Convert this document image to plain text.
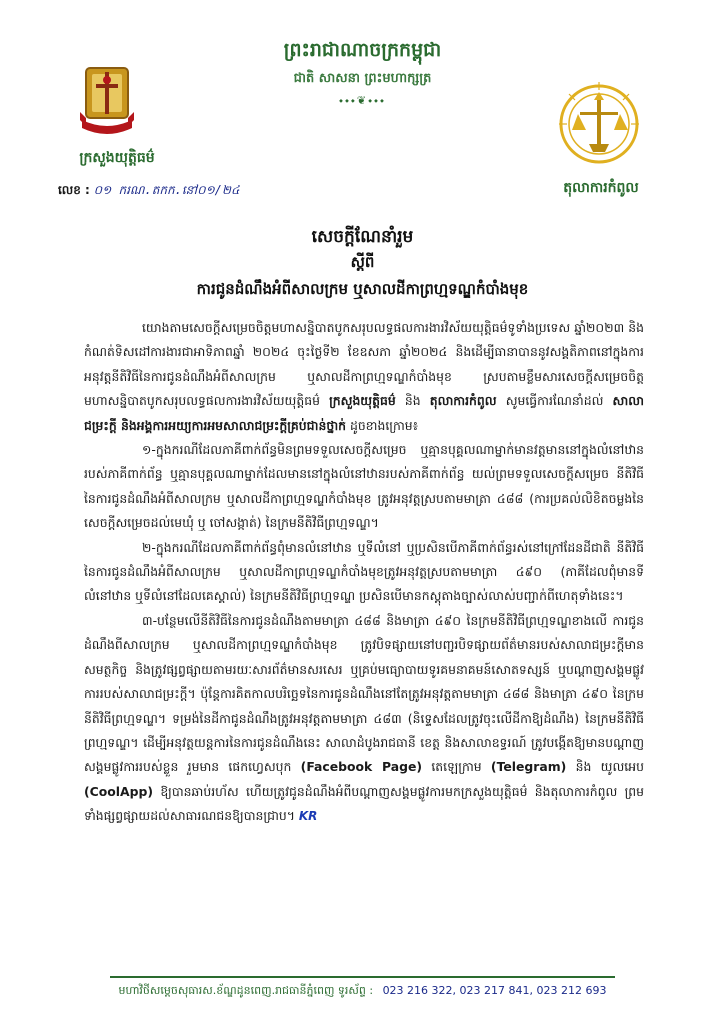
ព្រះរាជាណាចក្រកម្ពុជា
ជាតិ សាសនា ព្រះមហាក្សត្រ
⬩⬩⬩❦⬩⬩⬩
ក្រសួងយុត្តិធម៌
តុលាការកំពូល
លេខ : ០១ ករណ.តកក.នៅ០១/២៤
សេចក្តីណែនាំរួម
ស្តីពី
ការជូនដំណឹងអំពីសាលក្រម ឬសាលដីកាព្រហ្មទណ្ឌកំបាំងមុខ

យោងតាមសេចក្តីសម្រេចចិត្តមហាសន្និបាតបូកសរុបលទ្ធផលការងារវិស័យយុត្តិធម៌ទូទាំងប្រទេស ឆ្នាំ២០២៣ និងកំណត់ទិសដៅការងារជាអាទិភាពឆ្នាំ ២០២៤ ចុះថ្ងៃទី២ ខែឧសភា ឆ្នាំ២០២៤ និងដើម្បីធានាបាននូវសង្គតិភាពនៅក្នុងការអនុវត្តនីតិវិធីនៃការជូនដំណឹងអំពីសាលក្រម ឬសាលដីកាព្រហ្មទណ្ឌកំបាំងមុខ ស្របតាមខ្លឹមសារសេចក្តីសម្រេចចិត្តមហាសន្និបាតបូកសរុបលទ្ធផលការងារវិស័យយុត្តិធម៌ ក្រសួងយុត្តិធម៌ និង តុលាការកំពូល សូមធ្វើការណែនាំដល់ សាលាជម្រះក្តី និងអង្គការអយ្យការអមសាលាជម្រះក្តីគ្រប់ជាន់ថ្នាក់ ដូចខាងក្រោម៖

១-ក្នុងករណីដែលភាគីពាក់ព័ន្ធមិនព្រមទទួលសេចក្តីសម្រេច ឬគ្មានបុគ្គលណាម្នាក់មានវត្តមាននៅក្នុងលំនៅឋានរបស់ភាគីពាក់ព័ន្ធ ឬគ្មានបុគ្គលណាម្នាក់ដែលមាននៅក្នុងលំនៅឋានរបស់ភាគីពាក់ព័ន្ធ យល់ព្រមទទួលសេចក្តីសម្រេច នីតិវិធីនៃការជូនដំណឹងអំពីសាលក្រម ឬសាលដីកាព្រហ្មទណ្ឌកំបាំងមុខ ត្រូវអនុវត្តស្របតាមមាត្រា ៤៨៨ (ការប្រគល់លិខិតចម្លងនៃសេចក្តីសម្រេចដល់មេឃុំ ឬ ចៅសង្កាត់) នៃក្រមនីតិវិធីព្រហ្មទណ្ឌ។

២-ក្នុងករណីដែលភាគីពាក់ព័ន្ធពុំមានលំនៅឋាន ឬទីលំនៅ ឬប្រសិនបើភាគីពាក់ព័ន្ធរស់នៅក្រៅដែនដីជាតិ នីតិវិធីនៃការជូនដំណឹងអំពីសាលក្រម ឬសាលដីកាព្រហ្មទណ្ឌកំបាំងមុខត្រូវអនុវត្តស្របតាមមាត្រា ៤៩០ (ភាគីដែលពុំមានទីលំនៅឋាន ឬទីលំនៅដែលគេស្គាល់) នៃក្រមនីតិវិធីព្រហ្មទណ្ឌ ប្រសិនបើមានកស្តុតាងច្បាស់លាស់បញ្ជាក់ពីហេតុទាំងនេះ។

៣-បន្ថែមលើនីតិវិធីនៃការជូនដំណឹងតាមមាត្រា ៤៨៨ និងមាត្រា ៤៩០ នៃក្រមនីតិវិធីព្រហ្មទណ្ឌខាងលើ ការជូនដំណឹងពីសាលក្រម ឬសាលដីកាព្រហ្មទណ្ឌកំបាំងមុខ ត្រូវបិទផ្សាយនៅបញ្ជរបិទផ្សាយព័ត៌មានរបស់សាលាជម្រះក្តីមានសមត្ថកិច្ច និងត្រូវផ្សព្វផ្សាយតាមរយៈសារព័ត៌មានសរសេរ ឬគ្រប់មធ្យោបាយទូរគមនាគមន៍សោតទស្សន៍ ឬបណ្តាញសង្គមផ្លូវការរបស់សាលាជម្រះក្តី។ ប៉ុន្តែការគិតកាលបរិច្ឆេទនៃការជូនដំណឹងនៅតែត្រូវអនុវត្តតាមមាត្រា ៤៨៨ និងមាត្រា ៤៩០ នៃក្រមនីតិវិធីព្រហ្មទណ្ឌ។ ទម្រង់នៃដីកាជូនដំណឹងត្រូវអនុវត្តតាមមាត្រា ៤៨៣ (និទ្ទេសដែលត្រូវចុះលើដីកាឱ្យដំណឹង) នៃក្រមនីតិវិធីព្រហ្មទណ្ឌ។ ដើម្បីអនុវត្តយន្តការនៃការជូនដំណឹងនេះ សាលាដំបូងរាជធានី ខេត្ត និងសាលាឧទ្ធរណ៍ ត្រូវបង្កើតឱ្យមានបណ្តាញសង្គមផ្លូវការរបស់ខ្លួន រួមមាន ផេកហ្វេសបុក (Facebook Page) តេឡេក្រាម (Telegram) និង យូលអេប (CoolApp) ឱ្យបានឆាប់រហ័ស ហើយត្រូវជូនដំណឹងអំពីបណ្តាញសង្គមផ្លូវការមកក្រសួងយុត្តិធម៌ និងតុលាការកំពូល ព្រមទាំងផ្សព្វផ្សាយដល់សាធារណជនឱ្យបានជ្រាប។ KR

មហាវិថីសម្តេចសុធារស.ខ័ណ្ឌដូនពេញ.រាជធានីភ្នំពេញ ទូរស័ព្ទ : 023 216 322, 023 217 841, 023 212 693
